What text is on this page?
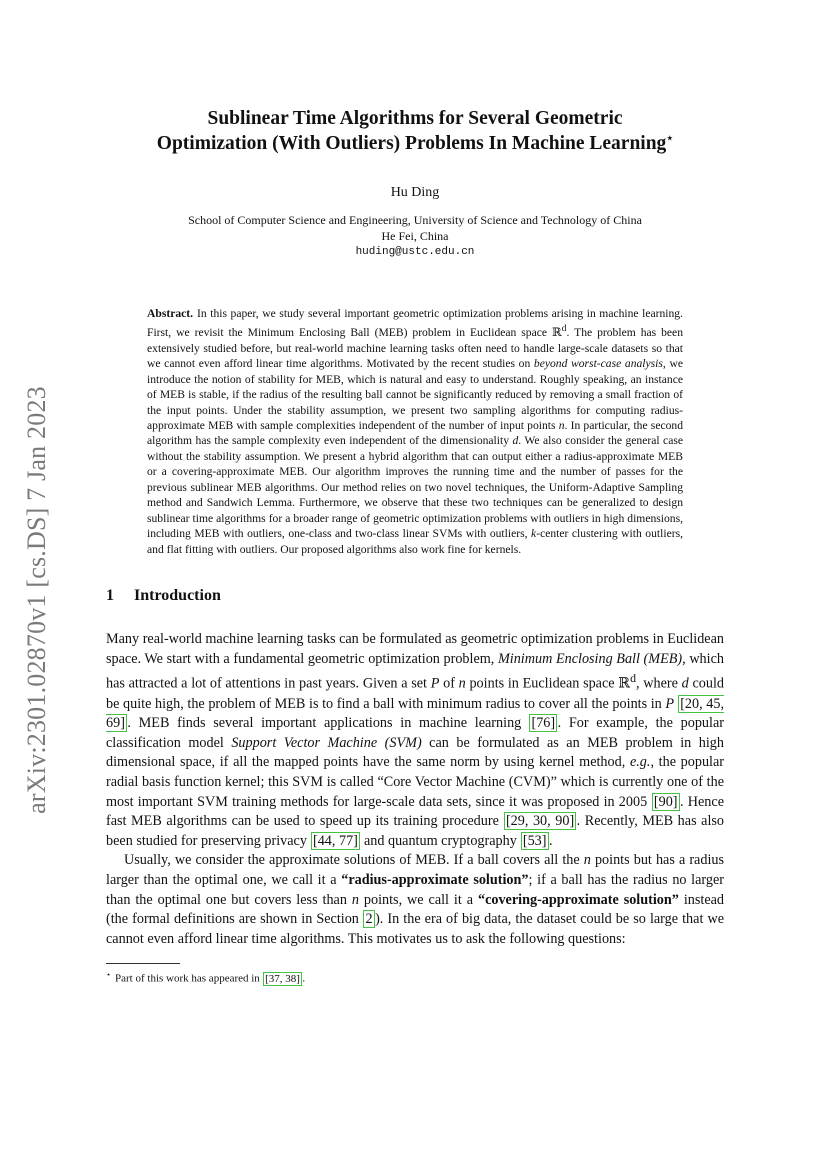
arXiv:2301.02870v1 [cs.DS] 7 Jan 2023
Sublinear Time Algorithms for Several Geometric
Optimization (With Outliers) Problems In Machine Learning⋆
Hu Ding
School of Computer Science and Engineering, University of Science and Technology of China
He Fei, China
huding@ustc.edu.cn
Abstract. In this paper, we study several important geometric optimization problems arising in machine learning. First, we revisit the Minimum Enclosing Ball (MEB) problem in Euclidean space ℝ$^d$. The problem has been extensively studied before, but real-world machine learning tasks often need to handle large-scale datasets so that we cannot even afford linear time algorithms. Motivated by the recent studies on beyond worst-case analysis, we introduce the notion of stability for MEB, which is natural and easy to understand. Roughly speaking, an instance of MEB is stable, if the radius of the resulting ball cannot be significantly reduced by removing a small fraction of the input points. Under the stability assumption, we present two sampling algorithms for computing radius-approximate MEB with sample complexities independent of the number of input points n. In particular, the second algorithm has the sample complexity even independent of the dimensionality d. We also consider the general case without the stability assumption. We present a hybrid algorithm that can output either a radius-approximate MEB or a covering-approximate MEB. Our algorithm improves the running time and the number of passes for the previous sublinear MEB algorithms. Our method relies on two novel techniques, the Uniform-Adaptive Sampling method and Sandwich Lemma. Furthermore, we observe that these two techniques can be generalized to design sublinear time algorithms for a broader range of geometric optimization problems with outliers in high dimensions, including MEB with outliers, one-class and two-class linear SVMs with outliers, k-center clustering with outliers, and flat fitting with outliers. Our proposed algorithms also work fine for kernels.
1 Introduction

Many real-world machine learning tasks can be formulated as geometric optimization problems in Euclidean space. We start with a fundamental geometric optimization problem, Minimum Enclosing Ball (MEB), which has attracted a lot of attentions in past years. Given a set P of n points in Euclidean space ℝ$^d$, where d could be quite high, the problem of MEB is to find a ball with minimum radius to cover all the points in P [20, 45, 69] . MEB finds several important applications in machine learning [76] . For example, the popular classification model Support Vector Machine (SVM) can be formulated as an MEB problem in high dimensional space, if all the mapped points have the same norm by using kernel method, e.g., the popular radial basis function kernel; this SVM is called “Core Vector Machine (CVM)” which is currently one of the most important SVM training methods for large-scale data sets, since it was proposed in 2005 [90] . Hence fast MEB algorithms can be used to speed up its training procedure [29, 30, 90] . Recently, MEB has also been studied for preserving privacy [44, 77] and quantum cryptography [53] .

Usually, we consider the approximate solutions of MEB. If a ball covers all the n points but has a radius larger than the optimal one, we call it a “radius-approximate solution”; if a ball has the radius no larger than the optimal one but covers less than n points, we call it a “covering-approximate solution” instead (the formal definitions are shown in Section 2 ). In the era of big data, the dataset could be so large that we cannot even afford linear time algorithms. This motivates us to ask the following questions:

⋆ Part of this work has appeared in [37, 38] .
